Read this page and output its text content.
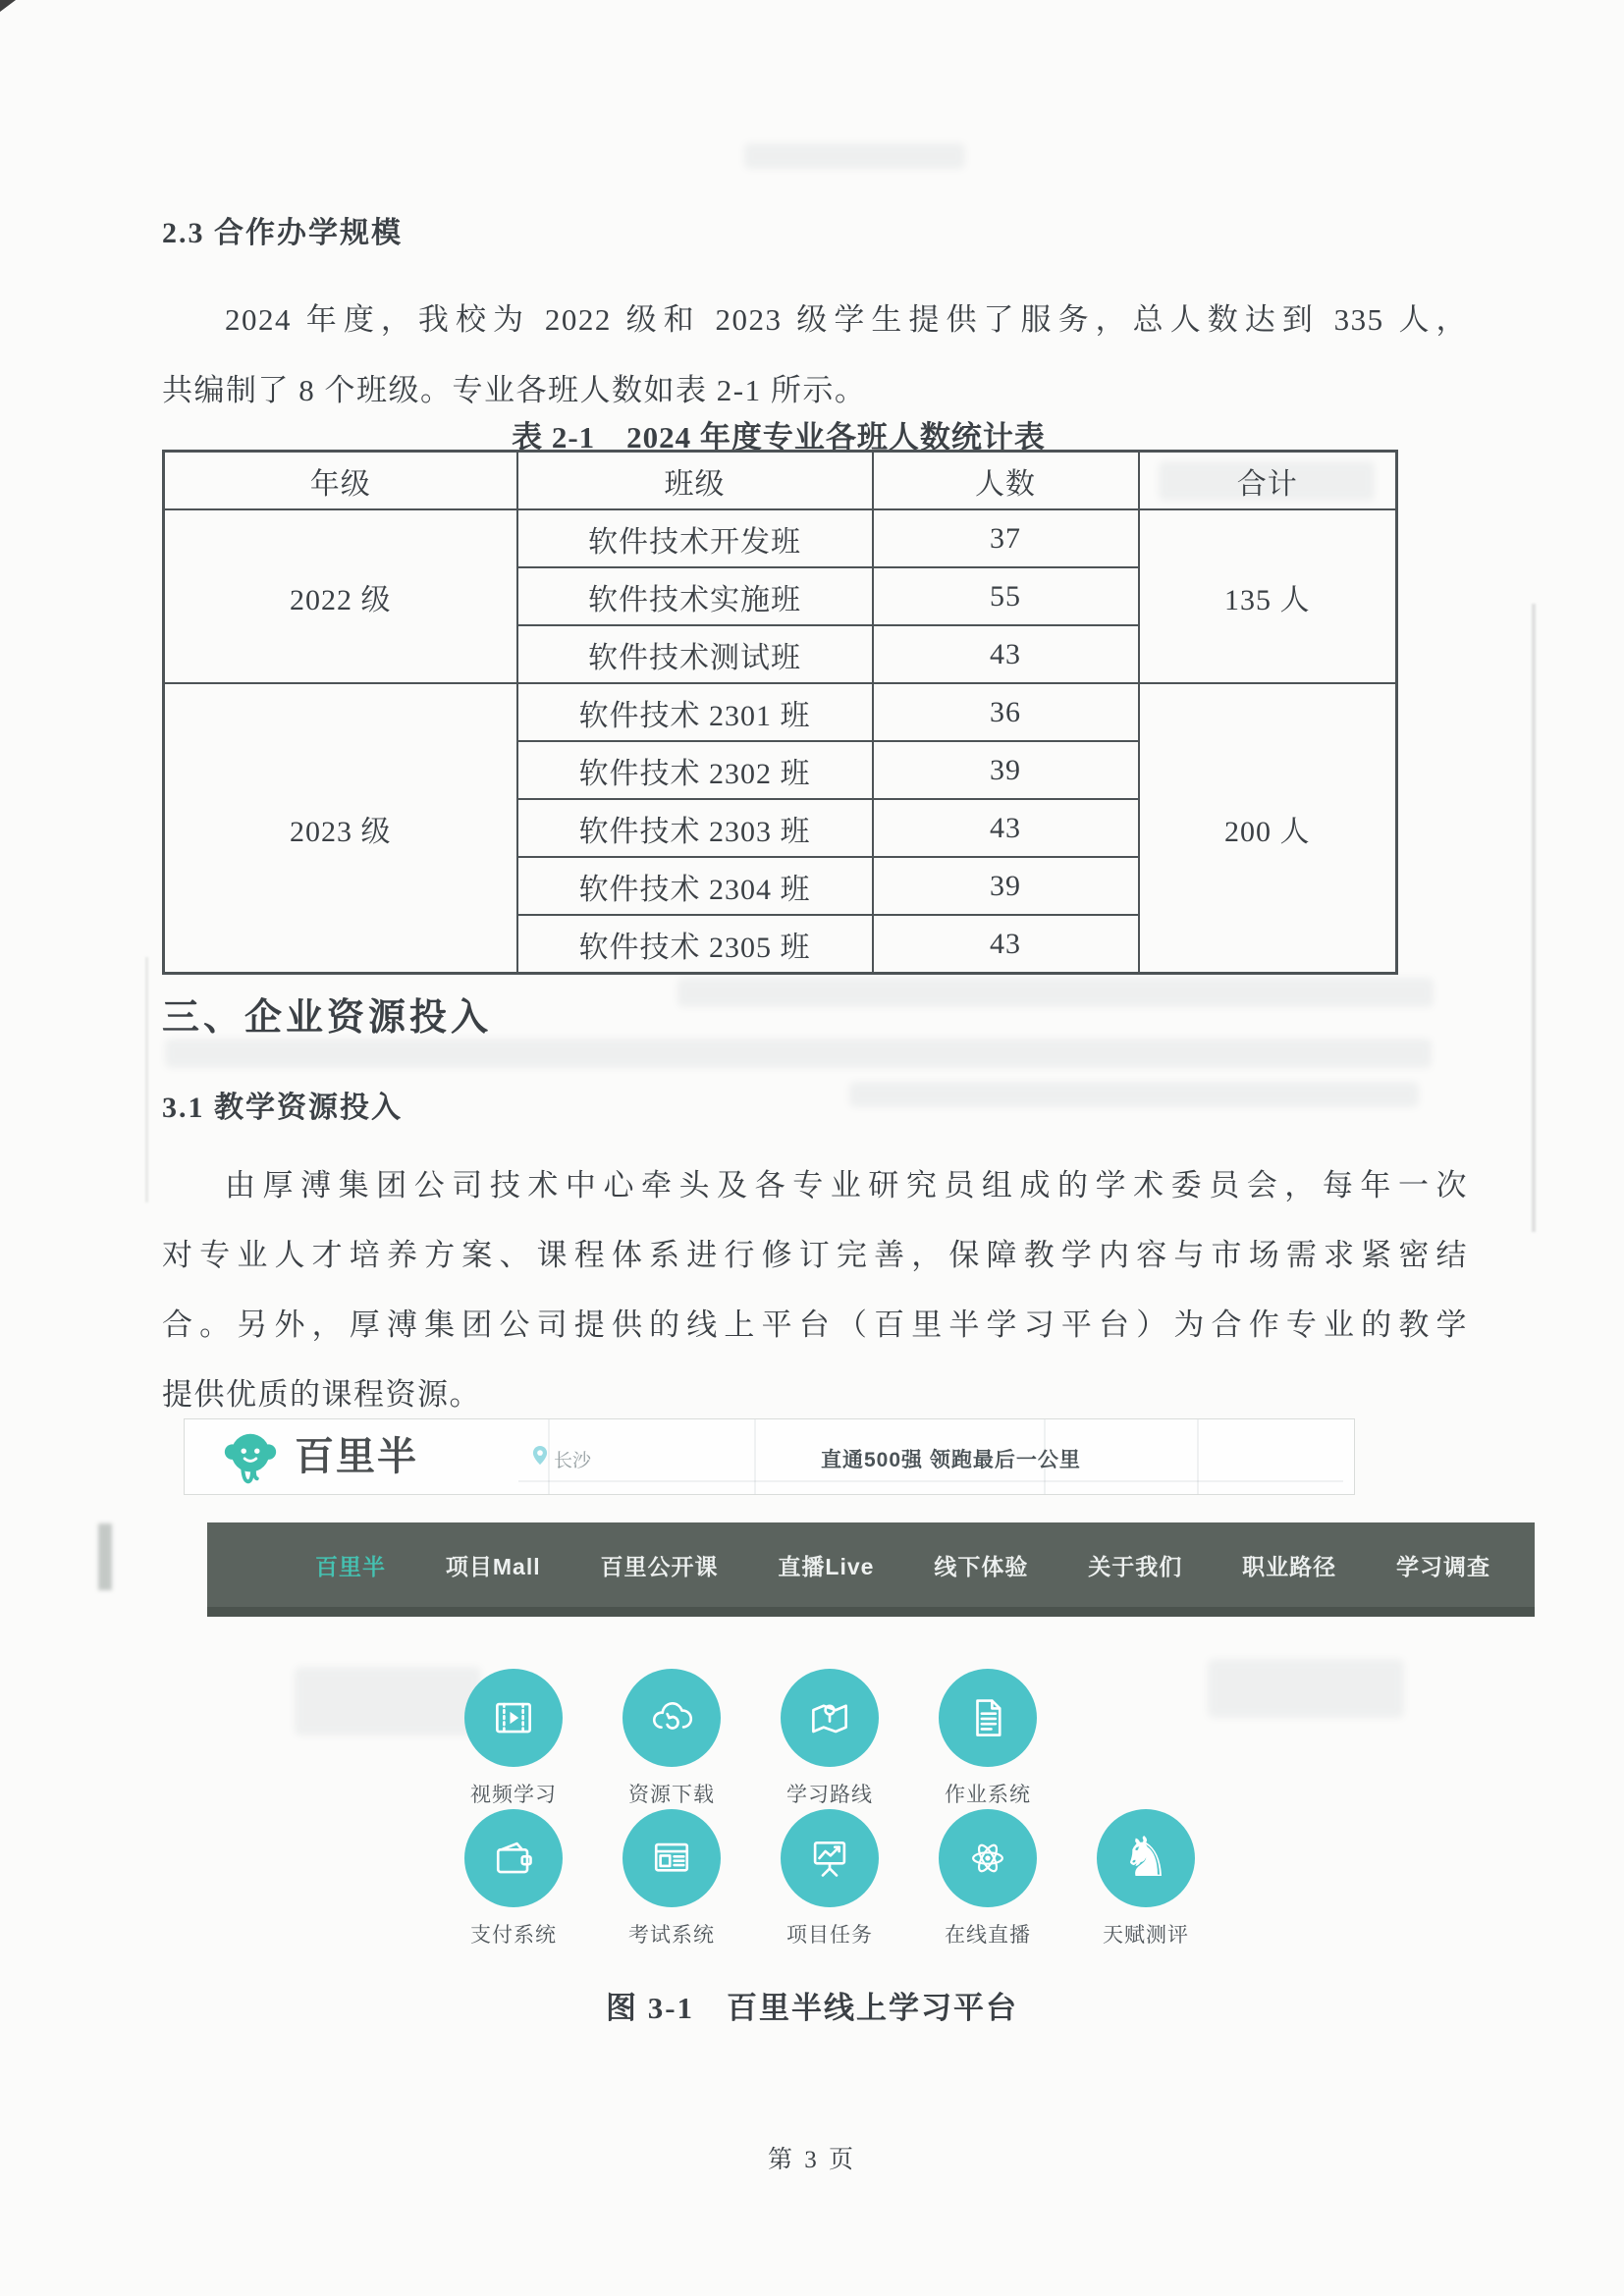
2.3 合作办学规模
2024 年度，我校为 2022 级和 2023 级学生提供了服务，总人数达到 335 人，
共编制了 8 个班级。专业各班人数如表 2-1 所示。
表 2-1　2024 年度专业各班人数统计表
年级	班级	人数	合计
2022 级	软件技术开发班	37	135 人
	软件技术实施班	55	
	软件技术测试班	43	
2023 级	软件技术 2301 班	36	200 人
	软件技术 2302 班	39	
	软件技术 2303 班	43	
	软件技术 2304 班	39	
	软件技术 2305 班	43	
三、企业资源投入
3.1 教学资源投入
由厚溥集团公司技术中心牵头及各专业研究员组成的学术委员会，每年一次
对专业人才培养方案、课程体系进行修订完善，保障教学内容与市场需求紧密结
合。另外，厚溥集团公司提供的线上平台（百里半学习平台）为合作专业的教学
提供优质的课程资源。
百里半	长沙	直通500强 领跑最后一公里
百里半	项目Mall	百里公开课	直播Live	线下体验	关于我们	职业路径	学习调查
视频学习	资源下载	学习路线	作业系统
支付系统	考试系统	项目任务	在线直播
♞
天赋测评
图 3-1　百里半线上学习平台
第 3 页
